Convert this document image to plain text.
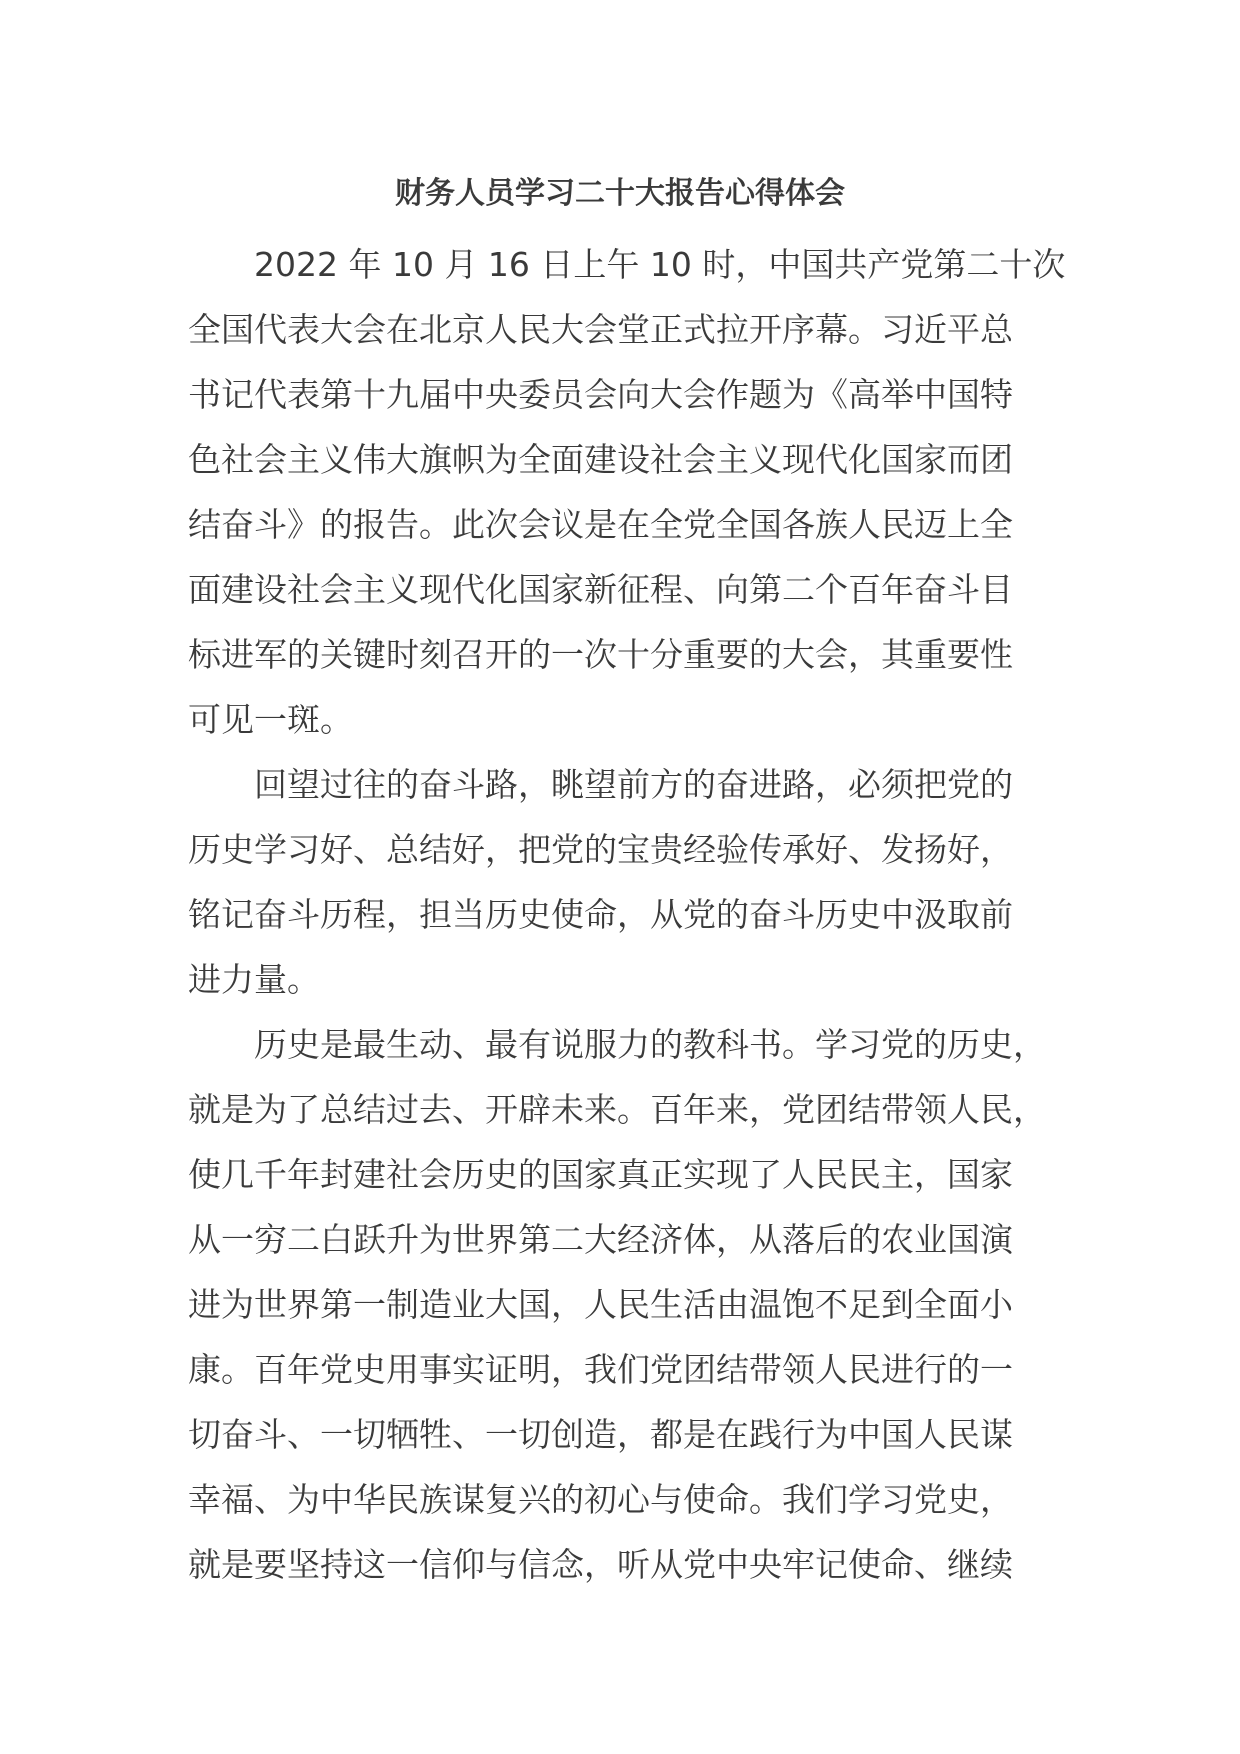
财务人员学习二十大报告心得体会
2022 年 10 月 16 日上午 10 时，中国共产党第二十次
全国代表大会在北京人民大会堂正式拉开序幕。习近平总
书记代表第十九届中央委员会向大会作题为《高举中国特
色社会主义伟大旗帜为全面建设社会主义现代化国家而团
结奋斗》的报告。此次会议是在全党全国各族人民迈上全
面建设社会主义现代化国家新征程、向第二个百年奋斗目
标进军的关键时刻召开的一次十分重要的大会，其重要性
可见一斑。
回望过往的奋斗路，眺望前方的奋进路，必须把党的
历史学习好、总结好，把党的宝贵经验传承好、发扬好，
铭记奋斗历程，担当历史使命，从党的奋斗历史中汲取前
进力量。
历史是最生动、最有说服力的教科书。学习党的历史，
就是为了总结过去、开辟未来。百年来，党团结带领人民，
使几千年封建社会历史的国家真正实现了人民民主，国家
从一穷二白跃升为世界第二大经济体，从落后的农业国演
进为世界第一制造业大国，人民生活由温饱不足到全面小
康。百年党史用事实证明，我们党团结带领人民进行的一
切奋斗、一切牺牲、一切创造，都是在践行为中国人民谋
幸福、为中华民族谋复兴的初心与使命。我们学习党史，
就是要坚持这一信仰与信念，听从党中央牢记使命、继续
